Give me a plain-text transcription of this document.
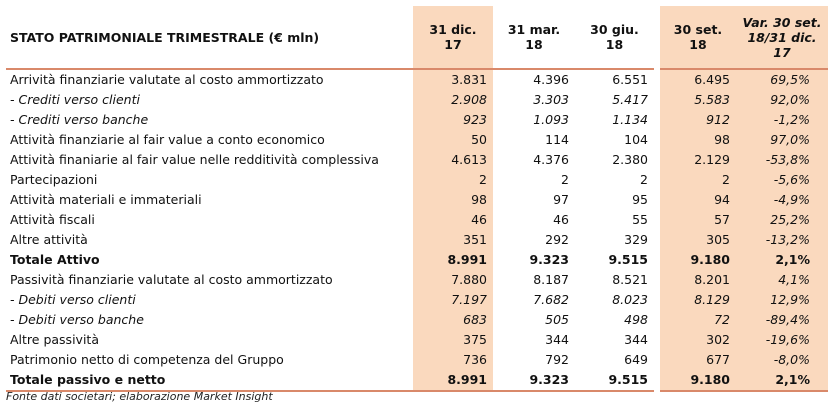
STATO PATRIMONIALE TRIMESTRALE (€ mln)	31 dic. 17	31 mar. 18	30 giu. 18	30 set. 18	Var. 30 set.
18/31 dic.
17

Arrività finanziarie valutate al costo ammortizzato	3.831	4.396	6.551	6.495	69,5%
- Crediti verso clienti	2.908	3.303	5.417	5.583	92,0%
- Crediti verso banche	923	1.093	1.134	912	-1,2%
Attività finanziarie al fair value a conto economico	50	114	104	98	97,0%
Attività finaniarie al fair value nelle redditività complessiva	4.613	4.376	2.380	2.129	-53,8%
Partecipazioni	2	2	2	2	-5,6%
Attività materiali e immateriali	98	97	95	94	-4,9%
Attività fiscali	46	46	55	57	25,2%
Altre attività	351	292	329	305	-13,2%
Totale Attivo	8.991	9.323	9.515	9.180	2,1%
Passività finanziarie valutate al costo ammortizzato	7.880	8.187	8.521	8.201	4,1%
- Debiti verso clienti	7.197	7.682	8.023	8.129	12,9%
- Debiti verso banche	683	505	498	72	-89,4%
Altre passività	375	344	344	302	-19,6%
Patrimonio netto di competenza del Gruppo	736	792	649	677	-8,0%
Totale passivo e netto	8.991	9.323	9.515	9.180	2,1%
Fonte dati societari; elaborazione Market Insight
